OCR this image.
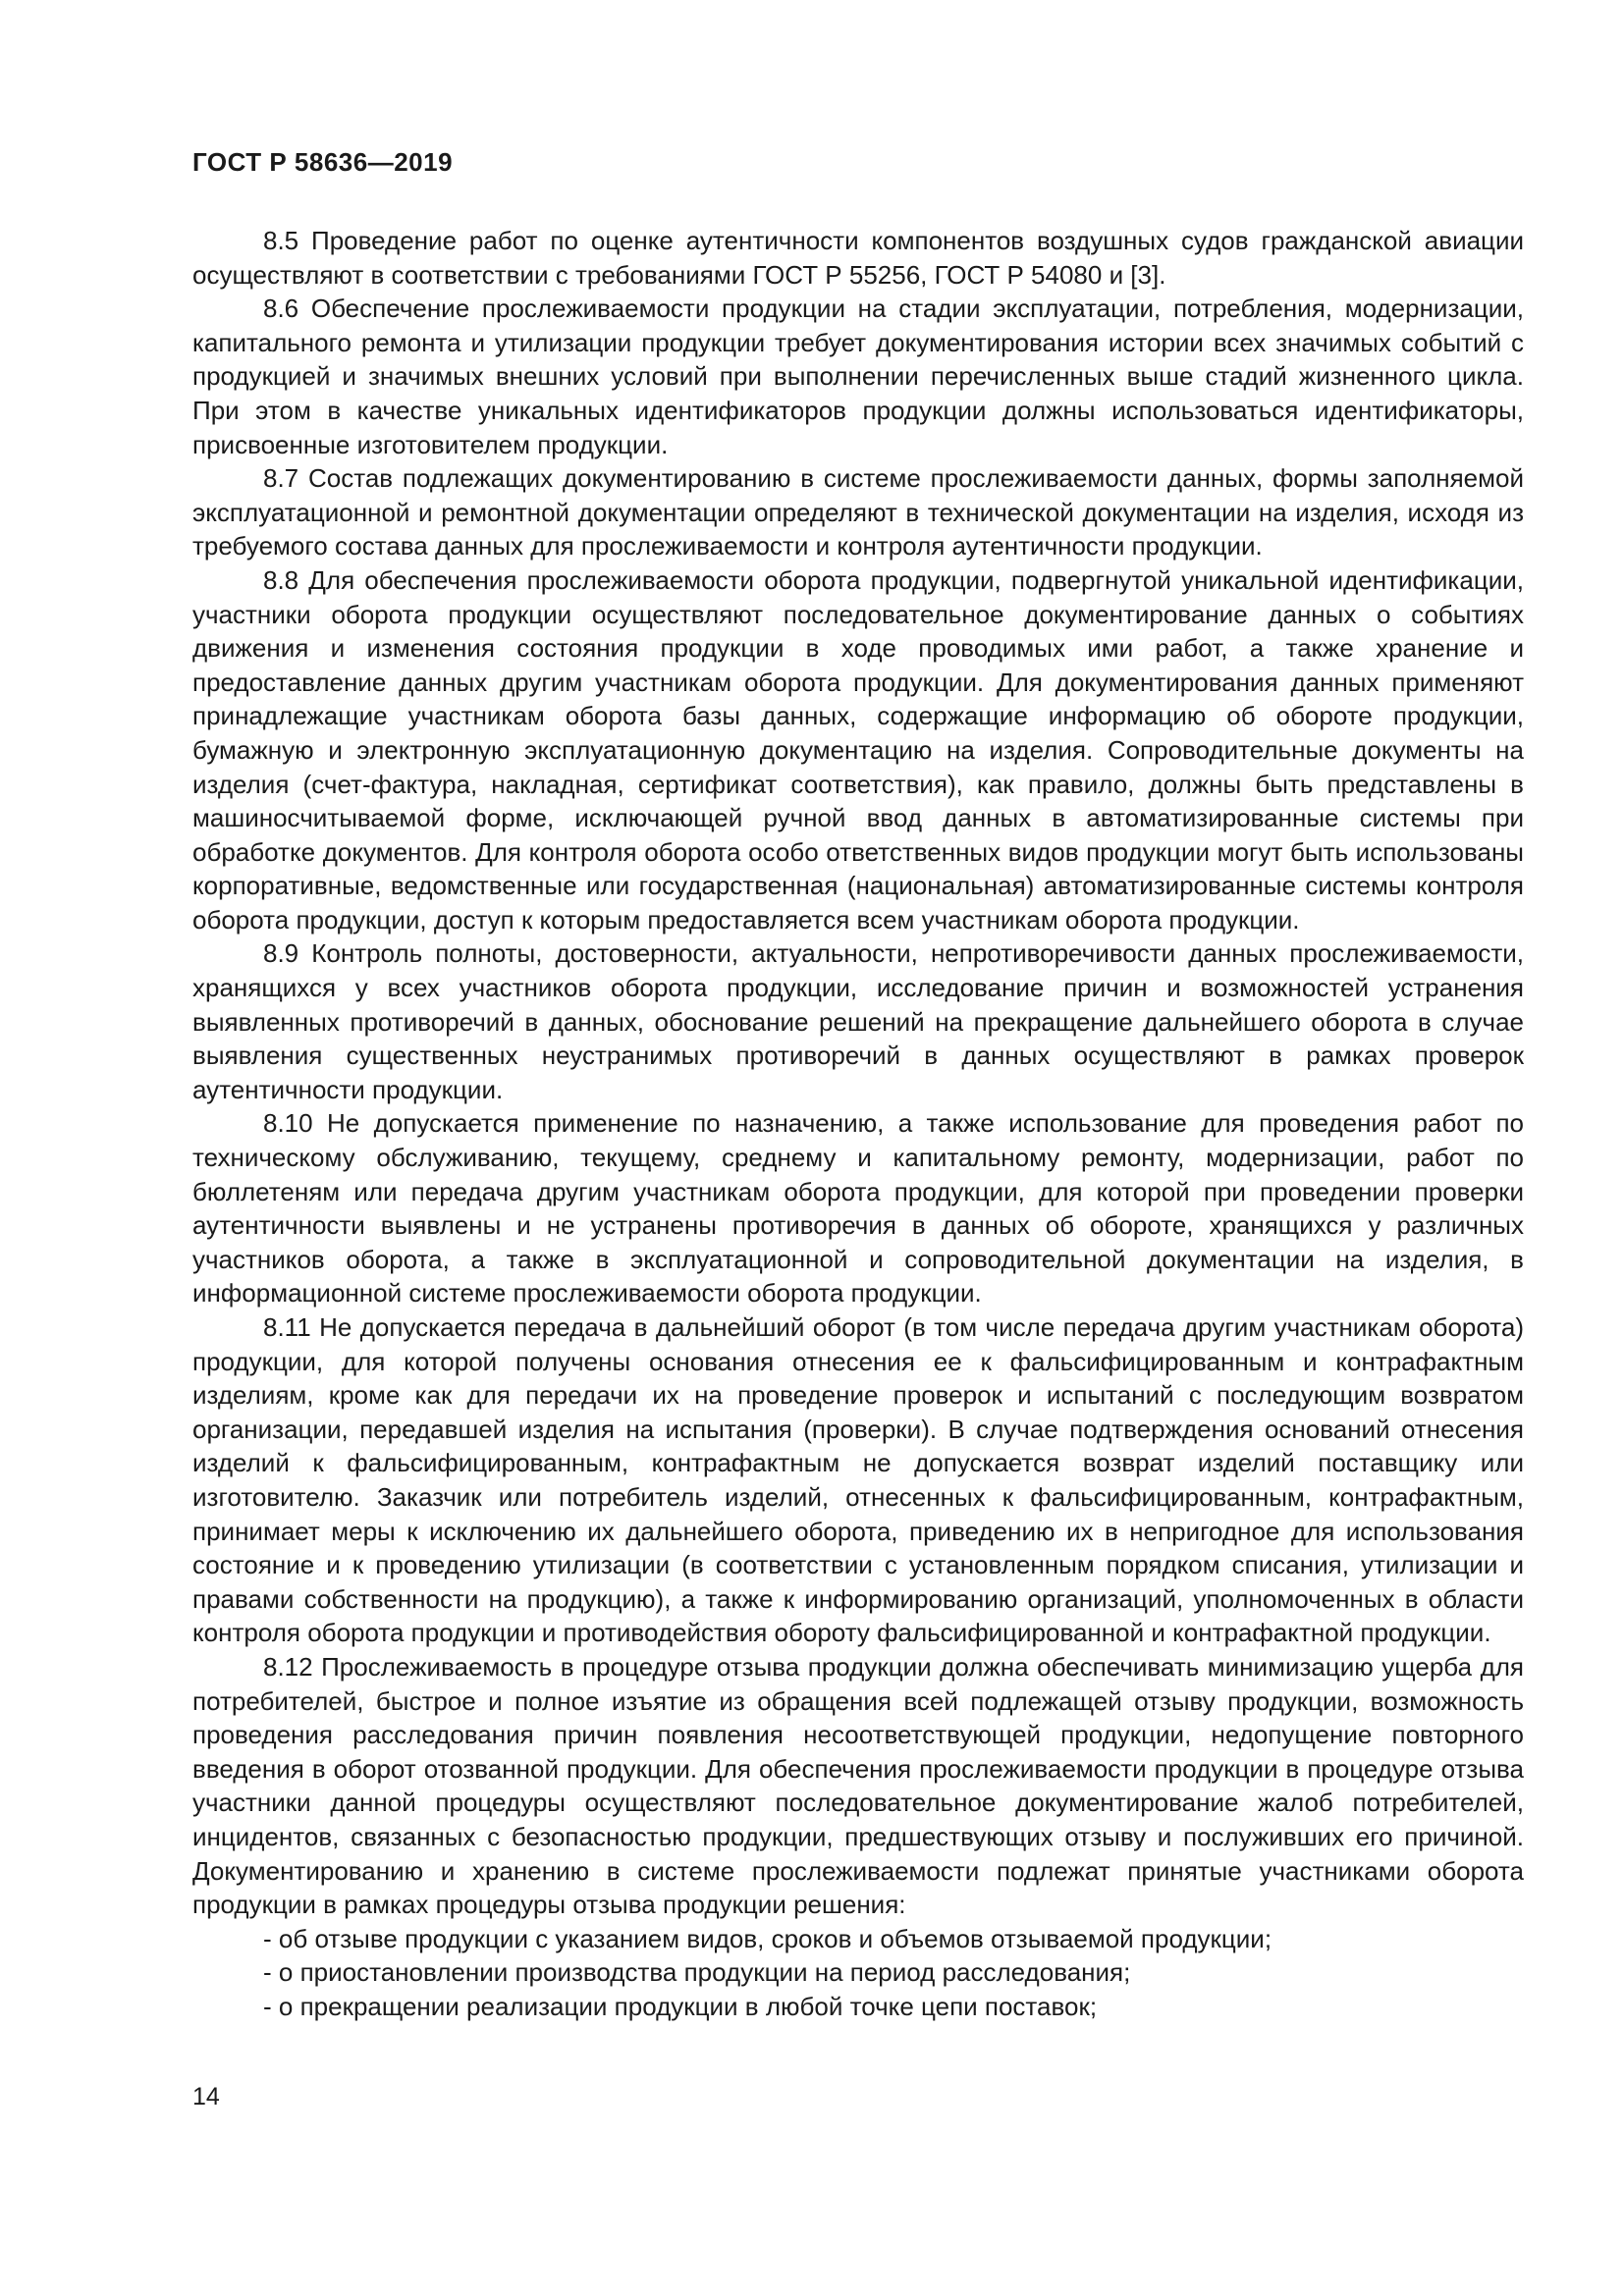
ГОСТ Р 58636—2019

8.5 Проведение работ по оценке аутентичности компонентов воздушных судов гражданской авиации осуществляют в соответствии с требованиями ГОСТ Р 55256, ГОСТ Р 54080 и [3].

8.6 Обеспечение прослеживаемости продукции на стадии эксплуатации, потребления, модернизации, капитального ремонта и утилизации продукции требует документирования истории всех значимых событий с продукцией и значимых внешних условий при выполнении перечисленных выше стадий жизненного цикла. При этом в качестве уникальных идентификаторов продукции должны использоваться идентификаторы, присвоенные изготовителем продукции.

8.7 Состав подлежащих документированию в системе прослеживаемости данных, формы заполняемой эксплуатационной и ремонтной документации определяют в технической документации на изделия, исходя из требуемого состава данных для прослеживаемости и контроля аутентичности продукции.

8.8 Для обеспечения прослеживаемости оборота продукции, подвергнутой уникальной идентификации, участники оборота продукции осуществляют последовательное документирование данных о событиях движения и изменения состояния продукции в ходе проводимых ими работ, а также хранение и предоставление данных другим участникам оборота продукции. Для документирования данных применяют принадлежащие участникам оборота базы данных, содержащие информацию об обороте продукции, бумажную и электронную эксплуатационную документацию на изделия. Сопроводительные документы на изделия (счет-фактура, накладная, сертификат соответствия), как правило, должны быть представлены в машиносчитываемой форме, исключающей ручной ввод данных в автоматизированные системы при обработке документов. Для контроля оборота особо ответственных видов продукции могут быть использованы корпоративные, ведомственные или государственная (национальная) автоматизированные системы контроля оборота продукции, доступ к которым предоставляется всем участникам оборота продукции.

8.9 Контроль полноты, достоверности, актуальности, непротиворечивости данных прослеживаемости, хранящихся у всех участников оборота продукции, исследование причин и возможностей устранения выявленных противоречий в данных, обоснование решений на прекращение дальнейшего оборота в случае выявления существенных неустранимых противоречий в данных осуществляют в рамках проверок аутентичности продукции.

8.10 Не допускается применение по назначению, а также использование для проведения работ по техническому обслуживанию, текущему, среднему и капитальному ремонту, модернизации, работ по бюллетеням или передача другим участникам оборота продукции, для которой при проведении проверки аутентичности выявлены и не устранены противоречия в данных об обороте, хранящихся у различных участников оборота, а также в эксплуатационной и сопроводительной документации на изделия, в информационной системе прослеживаемости оборота продукции.

8.11 Не допускается передача в дальнейший оборот (в том числе передача другим участникам оборота) продукции, для которой получены основания отнесения ее к фальсифицированным и контрафактным изделиям, кроме как для передачи их на проведение проверок и испытаний с последующим возвратом организации, передавшей изделия на испытания (проверки). В случае подтверждения оснований отнесения изделий к фальсифицированным, контрафактным не допускается возврат изделий поставщику или изготовителю. Заказчик или потребитель изделий, отнесенных к фальсифицированным, контрафактным, принимает меры к исключению их дальнейшего оборота, приведению их в непригодное для использования состояние и к проведению утилизации (в соответствии с установленным порядком списания, утилизации и правами собственности на продукцию), а также к информированию организаций, уполномоченных в области контроля оборота продукции и противодействия обороту фальсифицированной и контрафактной продукции.

8.12 Прослеживаемость в процедуре отзыва продукции должна обеспечивать минимизацию ущерба для потребителей, быстрое и полное изъятие из обращения всей подлежащей отзыву продукции, возможность проведения расследования причин появления несоответствующей продукции, недопущение повторного введения в оборот отозванной продукции. Для обеспечения прослеживаемости продукции в процедуре отзыва участники данной процедуры осуществляют последовательное документирование жалоб потребителей, инцидентов, связанных с безопасностью продукции, предшествующих отзыву и послуживших его причиной. Документированию и хранению в системе прослеживаемости подлежат принятые участниками оборота продукции в рамках процедуры отзыва продукции решения:

- об отзыве продукции с указанием видов, сроков и объемов отзываемой продукции;
- о приостановлении производства продукции на период расследования;
- о прекращении реализации продукции в любой точке цепи поставок;
14
